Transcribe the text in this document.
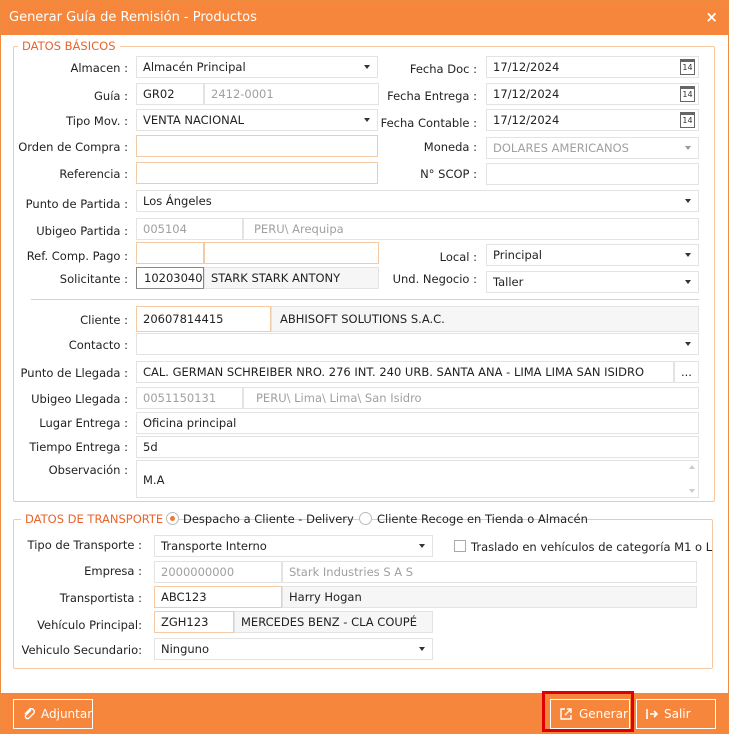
Generar Guía de Remisión - Productos	×
DATOS BÁSICOS
Almacen :	Almacén Principal
Guía :	GR02	2412-0001
Tipo Mov. :	VENTA NACIONAL
Orden de Compra :
Referencia :
Fecha Doc :	17/12/2024	14
Fecha Entrega :	17/12/2024	14
Fecha Contable :	17/12/2024	14
Moneda :	DOLARES AMERICANOS
N° SCOP :
Punto de Partida :	Los Ángeles
Ubigeo Partida :	005104	PERU\ Arequipa
Ref. Comp. Pago :	Local :	Principal
Solicitante :	10203040 STARK STARK ANTONY	Und. Negocio :	Taller
Cliente :	20607814415	ABHISOFT SOLUTIONS S.A.C.
Contacto :
Punto de Llegada :	CAL. GERMAN SCHREIBER NRO. 276 INT. 240 URB. SANTA ANA - LIMA LIMA SAN ISIDRO	...
Ubigeo Llegada :	0051150131	PERU\ Lima\ Lima\ San Isidro
Lugar Entrega :	Oficina principal
Tiempo Entrega :	5d
Observación :
M.A
DATOS DE TRANSPORTE	Despacho a Cliente - Delivery Cliente Recoge en Tienda o Almacén
Tipo de Transporte :	Transporte Interno	Traslado en vehículos de categoría M1 o L
Empresa :	2000000000	Stark Industries S A S
Transportista :	ABC123	Harry Hogan
Vehículo Principal:	ZGH123	MERCEDES BENZ - CLA COUPÉ
Vehiculo Secundario:	Ninguno
Adjuntar	Generar	Salir
